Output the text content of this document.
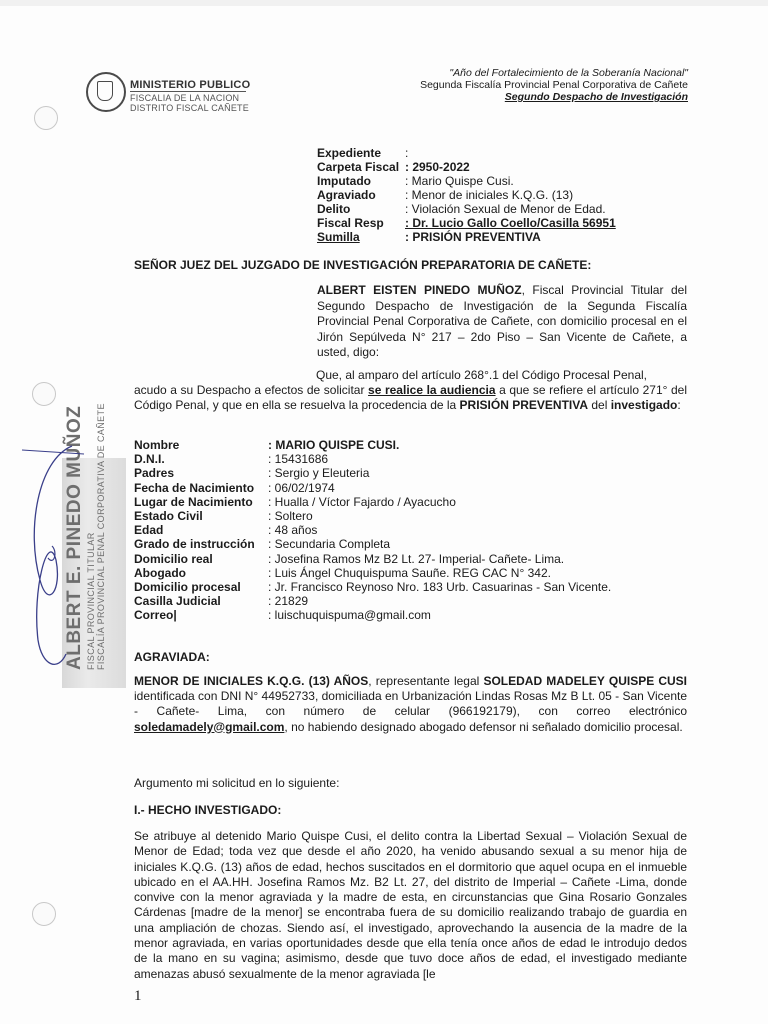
MINISTERIO PUBLICO
FISCALIA DE LA NACION
DISTRITO FISCAL CAÑETE
"Año del Fortalecimiento de la Soberanía Nacional"
Segunda Fiscalía Provincial Penal Corporativa de Cañete
Segundo Despacho de Investigación
Expediente	:
Carpeta Fiscal : 2950-2022
Imputado	: Mario Quispe Cusi.
Agraviado	: Menor de iniciales K.Q.G. (13)
Delito	: Violación Sexual de Menor de Edad.
Fiscal Resp	: Dr. Lucio Gallo Coello/Casilla 56951
Sumilla	: PRISIÓN PREVENTIVA
SEÑOR JUEZ DEL JUZGADO DE INVESTIGACIÓN PREPARATORIA DE CAÑETE:
ALBERT EISTEN PINEDO MUÑOZ, Fiscal Provincial Titular del Segundo Despacho de Investigación de la Segunda Fiscalía Provincial Penal Corporativa de Cañete, con domicilio procesal en el Jirón Sepúlveda N° 217 – 2do Piso – San Vicente de Cañete, a usted, digo:
Que, al amparo del artículo 268°.1 del Código Procesal Penal,
acudo a su Despacho a efectos de solicitar se realice la audiencia a que se refiere el artículo 271° del Código Penal, y que en ella se resuelva la procedencia de la PRISIÓN PREVENTIVA del investigado:
ALBERT E. PINEDO MUÑOZ FISCAL PROVINCIAL TITULAR FISCALÍA PROVINCIAL PENAL CORPORATIVA DE CAÑETE Nombre	: MARIO QUISPE CUSI.
D.N.I.	: 15431686
Padres	: Sergio y Eleuteria
Fecha de Nacimiento	: 06/02/1974
Lugar de Nacimiento	: Hualla / Víctor Fajardo / Ayacucho
Estado Civil	: Soltero
Edad	: 48 años
Grado de instrucción	: Secundaria Completa
Domicilio real	: Josefina Ramos Mz B2 Lt. 27- Imperial- Cañete- Lima.
Abogado	: Luis Ángel Chuquispuma Sauñe. REG CAC N° 342.
Domicilio procesal	: Jr. Francisco Reynoso Nro. 183 Urb. Casuarinas - San Vicente.
Casilla Judicial	: 21829
Correo|	: luischuquispuma@gmail.com
AGRAVIADA:
MENOR DE INICIALES K.Q.G. (13) AÑOS, representante legal SOLEDAD MADELEY QUISPE CUSI identificada con DNI N° 44952733, domiciliada en Urbanización Lindas Rosas Mz B Lt. 05 - San Vicente - Cañete- Lima, con número de celular (966192179), con correo electrónico soledamadely@gmail.com, no habiendo designado abogado defensor ni señalado domicilio procesal.
Argumento mi solicitud en lo siguiente:
I.- HECHO INVESTIGADO:
Se atribuye al detenido Mario Quispe Cusi, el delito contra la Libertad Sexual – Violación Sexual de Menor de Edad; toda vez que desde el año 2020, ha venido abusando sexual a su menor hija de iniciales K.Q.G. (13) años de edad, hechos suscitados en el dormitorio que aquel ocupa en el inmueble ubicado en el AA.HH. Josefina Ramos Mz. B2 Lt. 27, del distrito de Imperial – Cañete -Lima, donde convive con la menor agraviada y la madre de esta, en circunstancias que Gina Rosario Gonzales Cárdenas [madre de la menor] se encontraba fuera de su domicilio realizando trabajo de guardia en una ampliación de chozas. Siendo así, el investigado, aprovechando la ausencia de la madre de la menor agraviada, en varias oportunidades desde que ella tenía once años de edad le introdujo dedos de la mano en su vagina; asimismo, desde que tuvo doce años de edad, el investigado mediante amenazas abusó sexualmente de la menor agraviada [le
1
